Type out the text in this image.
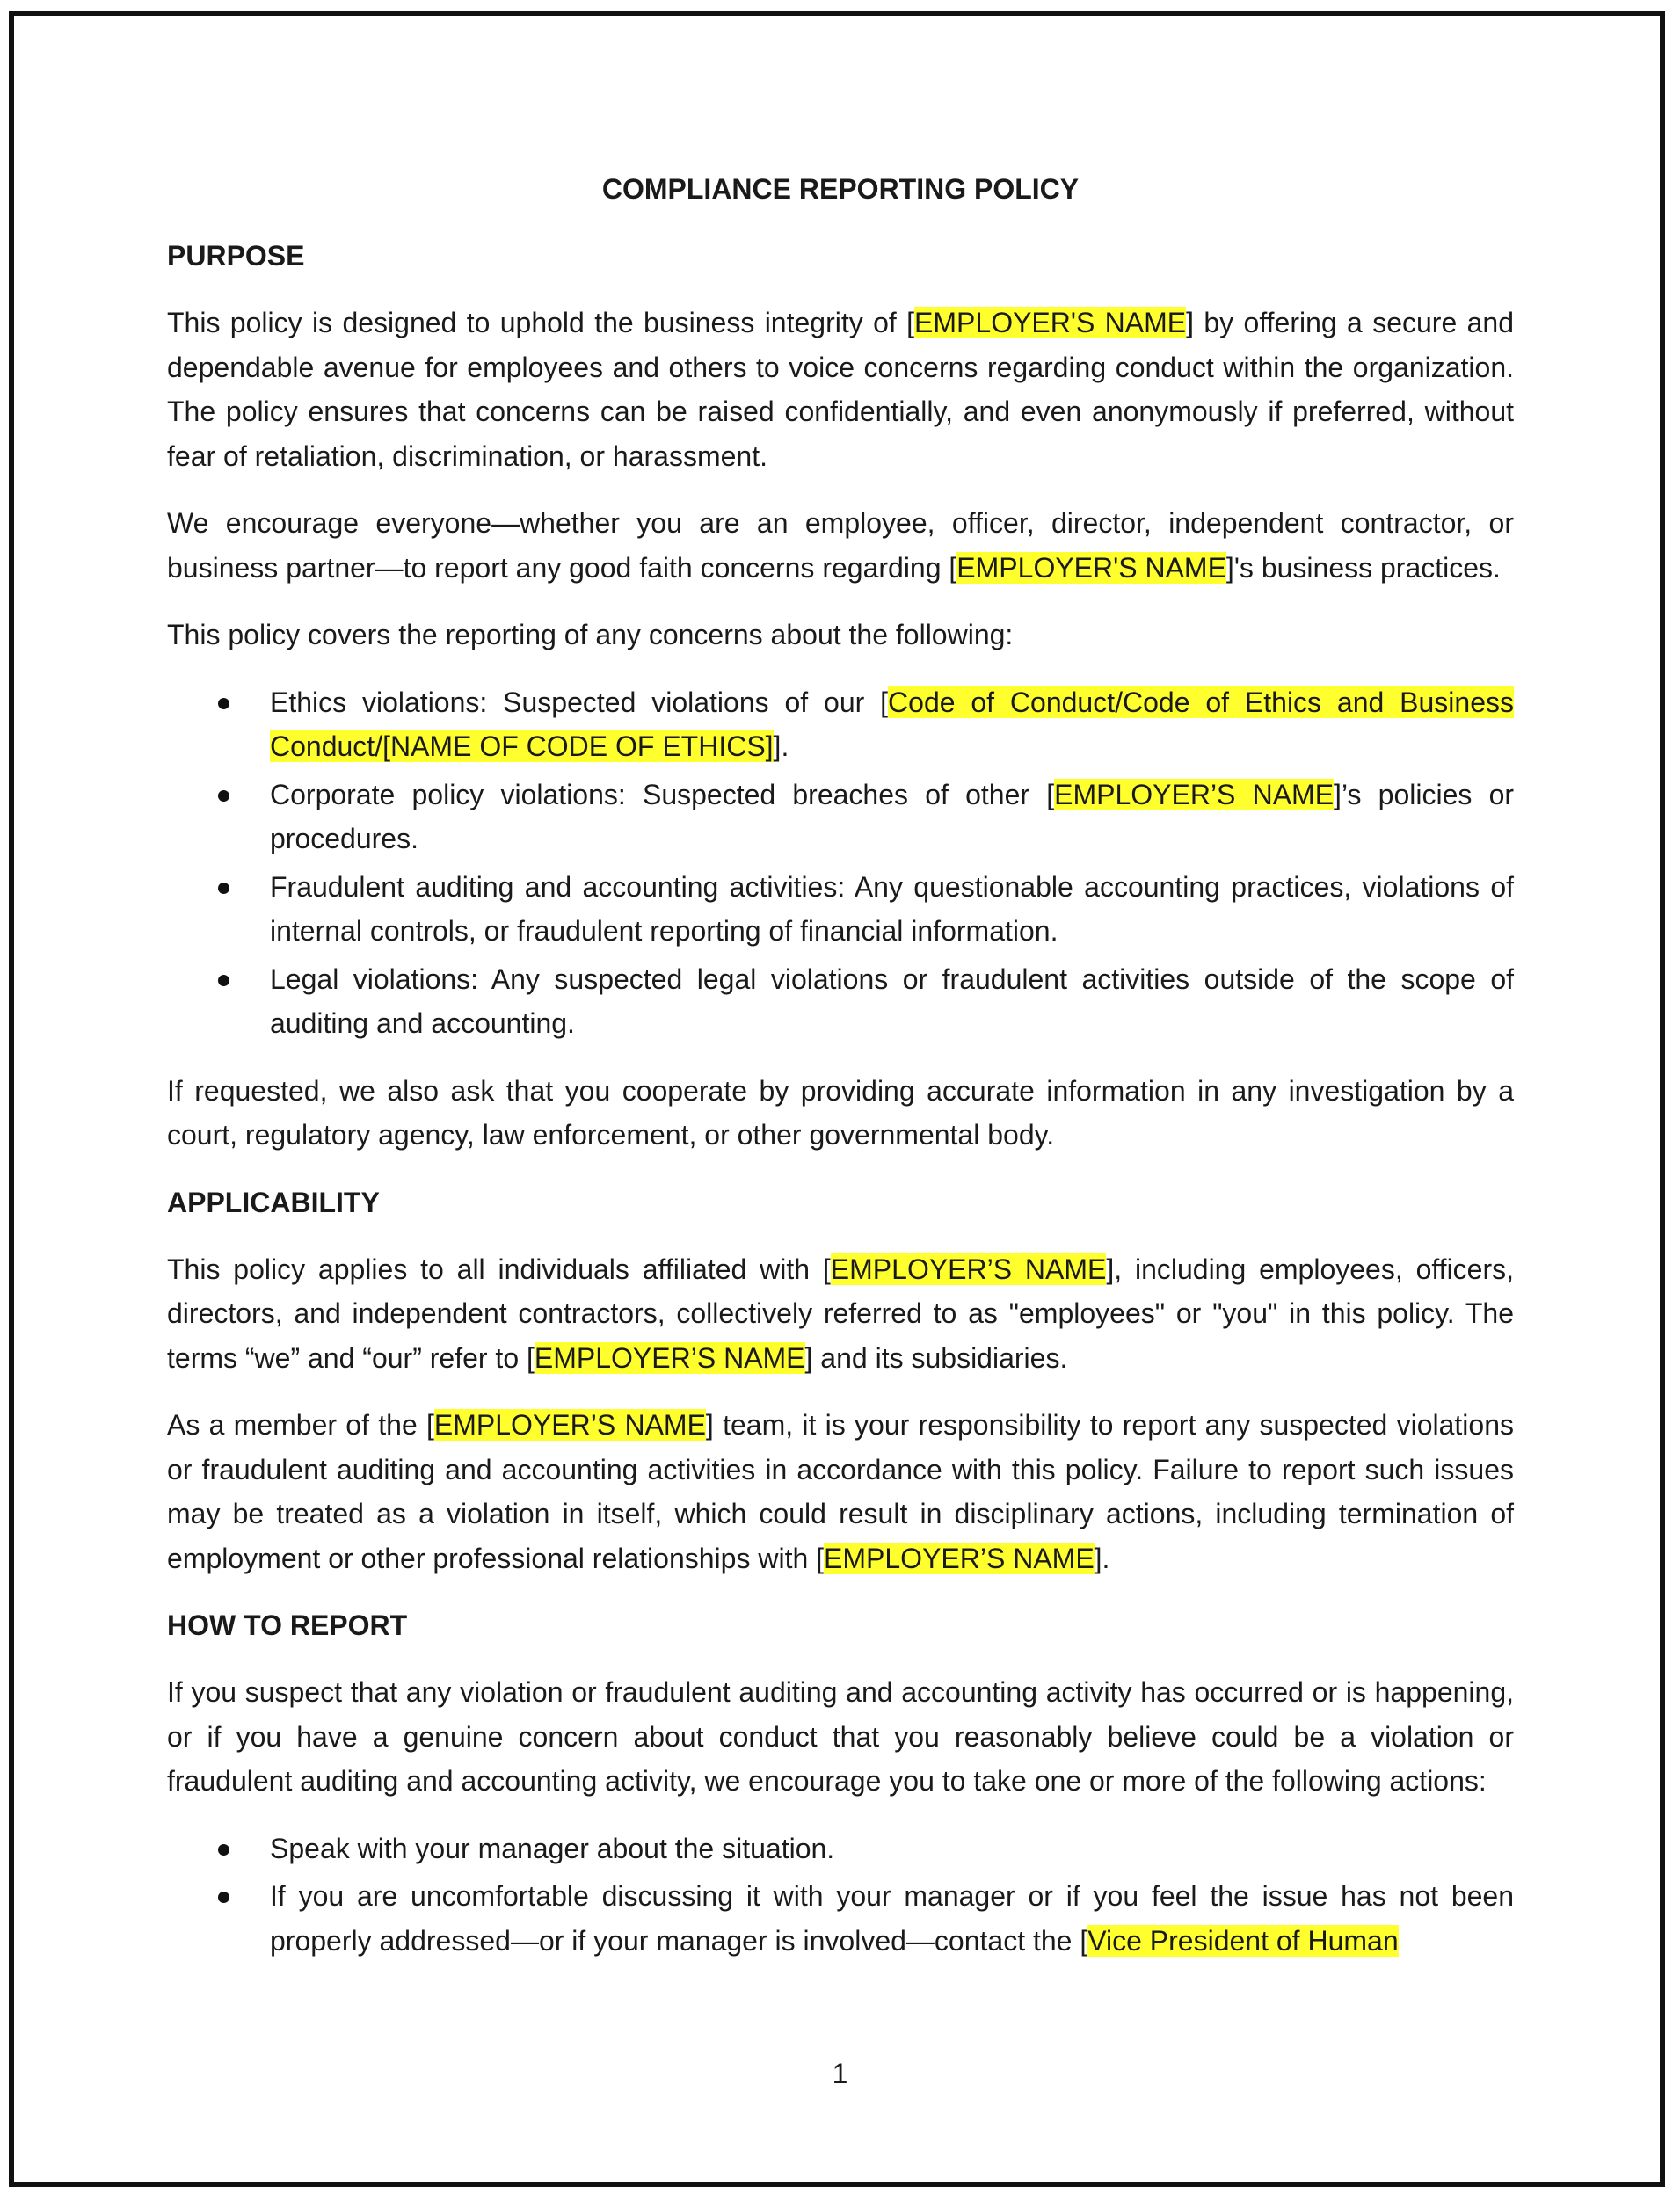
COMPLIANCE REPORTING POLICY
PURPOSE

This policy is designed to uphold the business integrity of [EMPLOYER'S NAME] by offering a secure and dependable avenue for employees and others to voice concerns regarding conduct within the organization. The policy ensures that concerns can be raised confidentially, and even anonymously if preferred, without fear of retaliation, discrimination, or harassment.

We encourage everyone—whether you are an employee, officer, director, independent contractor, or business partner—to report any good faith concerns regarding [EMPLOYER'S NAME]'s business practices.

This policy covers the reporting of any concerns about the following:

Ethics violations: Suspected violations of our [Code of Conduct/Code of Ethics and Business Conduct/[NAME OF CODE OF ETHICS]].
Corporate policy violations: Suspected breaches of other [EMPLOYER’S NAME]’s policies or procedures.
Fraudulent auditing and accounting activities: Any questionable accounting practices, violations of internal controls, or fraudulent reporting of financial information.
Legal violations: Any suspected legal violations or fraudulent activities outside of the scope of auditing and accounting.

If requested, we also ask that you cooperate by providing accurate information in any investigation by a court, regulatory agency, law enforcement, or other governmental body.

APPLICABILITY

This policy applies to all individuals affiliated with [EMPLOYER’S NAME], including employees, officers, directors, and independent contractors, collectively referred to as "employees" or "you" in this policy. The terms “we” and “our” refer to [EMPLOYER’S NAME] and its subsidiaries.

As a member of the [EMPLOYER’S NAME] team, it is your responsibility to report any suspected violations or fraudulent auditing and accounting activities in accordance with this policy. Failure to report such issues may be treated as a violation in itself, which could result in disciplinary actions, including termination of employment or other professional relationships with [EMPLOYER’S NAME].

HOW TO REPORT

If you suspect that any violation or fraudulent auditing and accounting activity has occurred or is happening, or if you have a genuine concern about conduct that you reasonably believe could be a violation or fraudulent auditing and accounting activity, we encourage you to take one or more of the following actions:

Speak with your manager about the situation.
If you are uncomfortable discussing it with your manager or if you feel the issue has not been properly addressed—or if your manager is involved—contact the [Vice President of Human
1
